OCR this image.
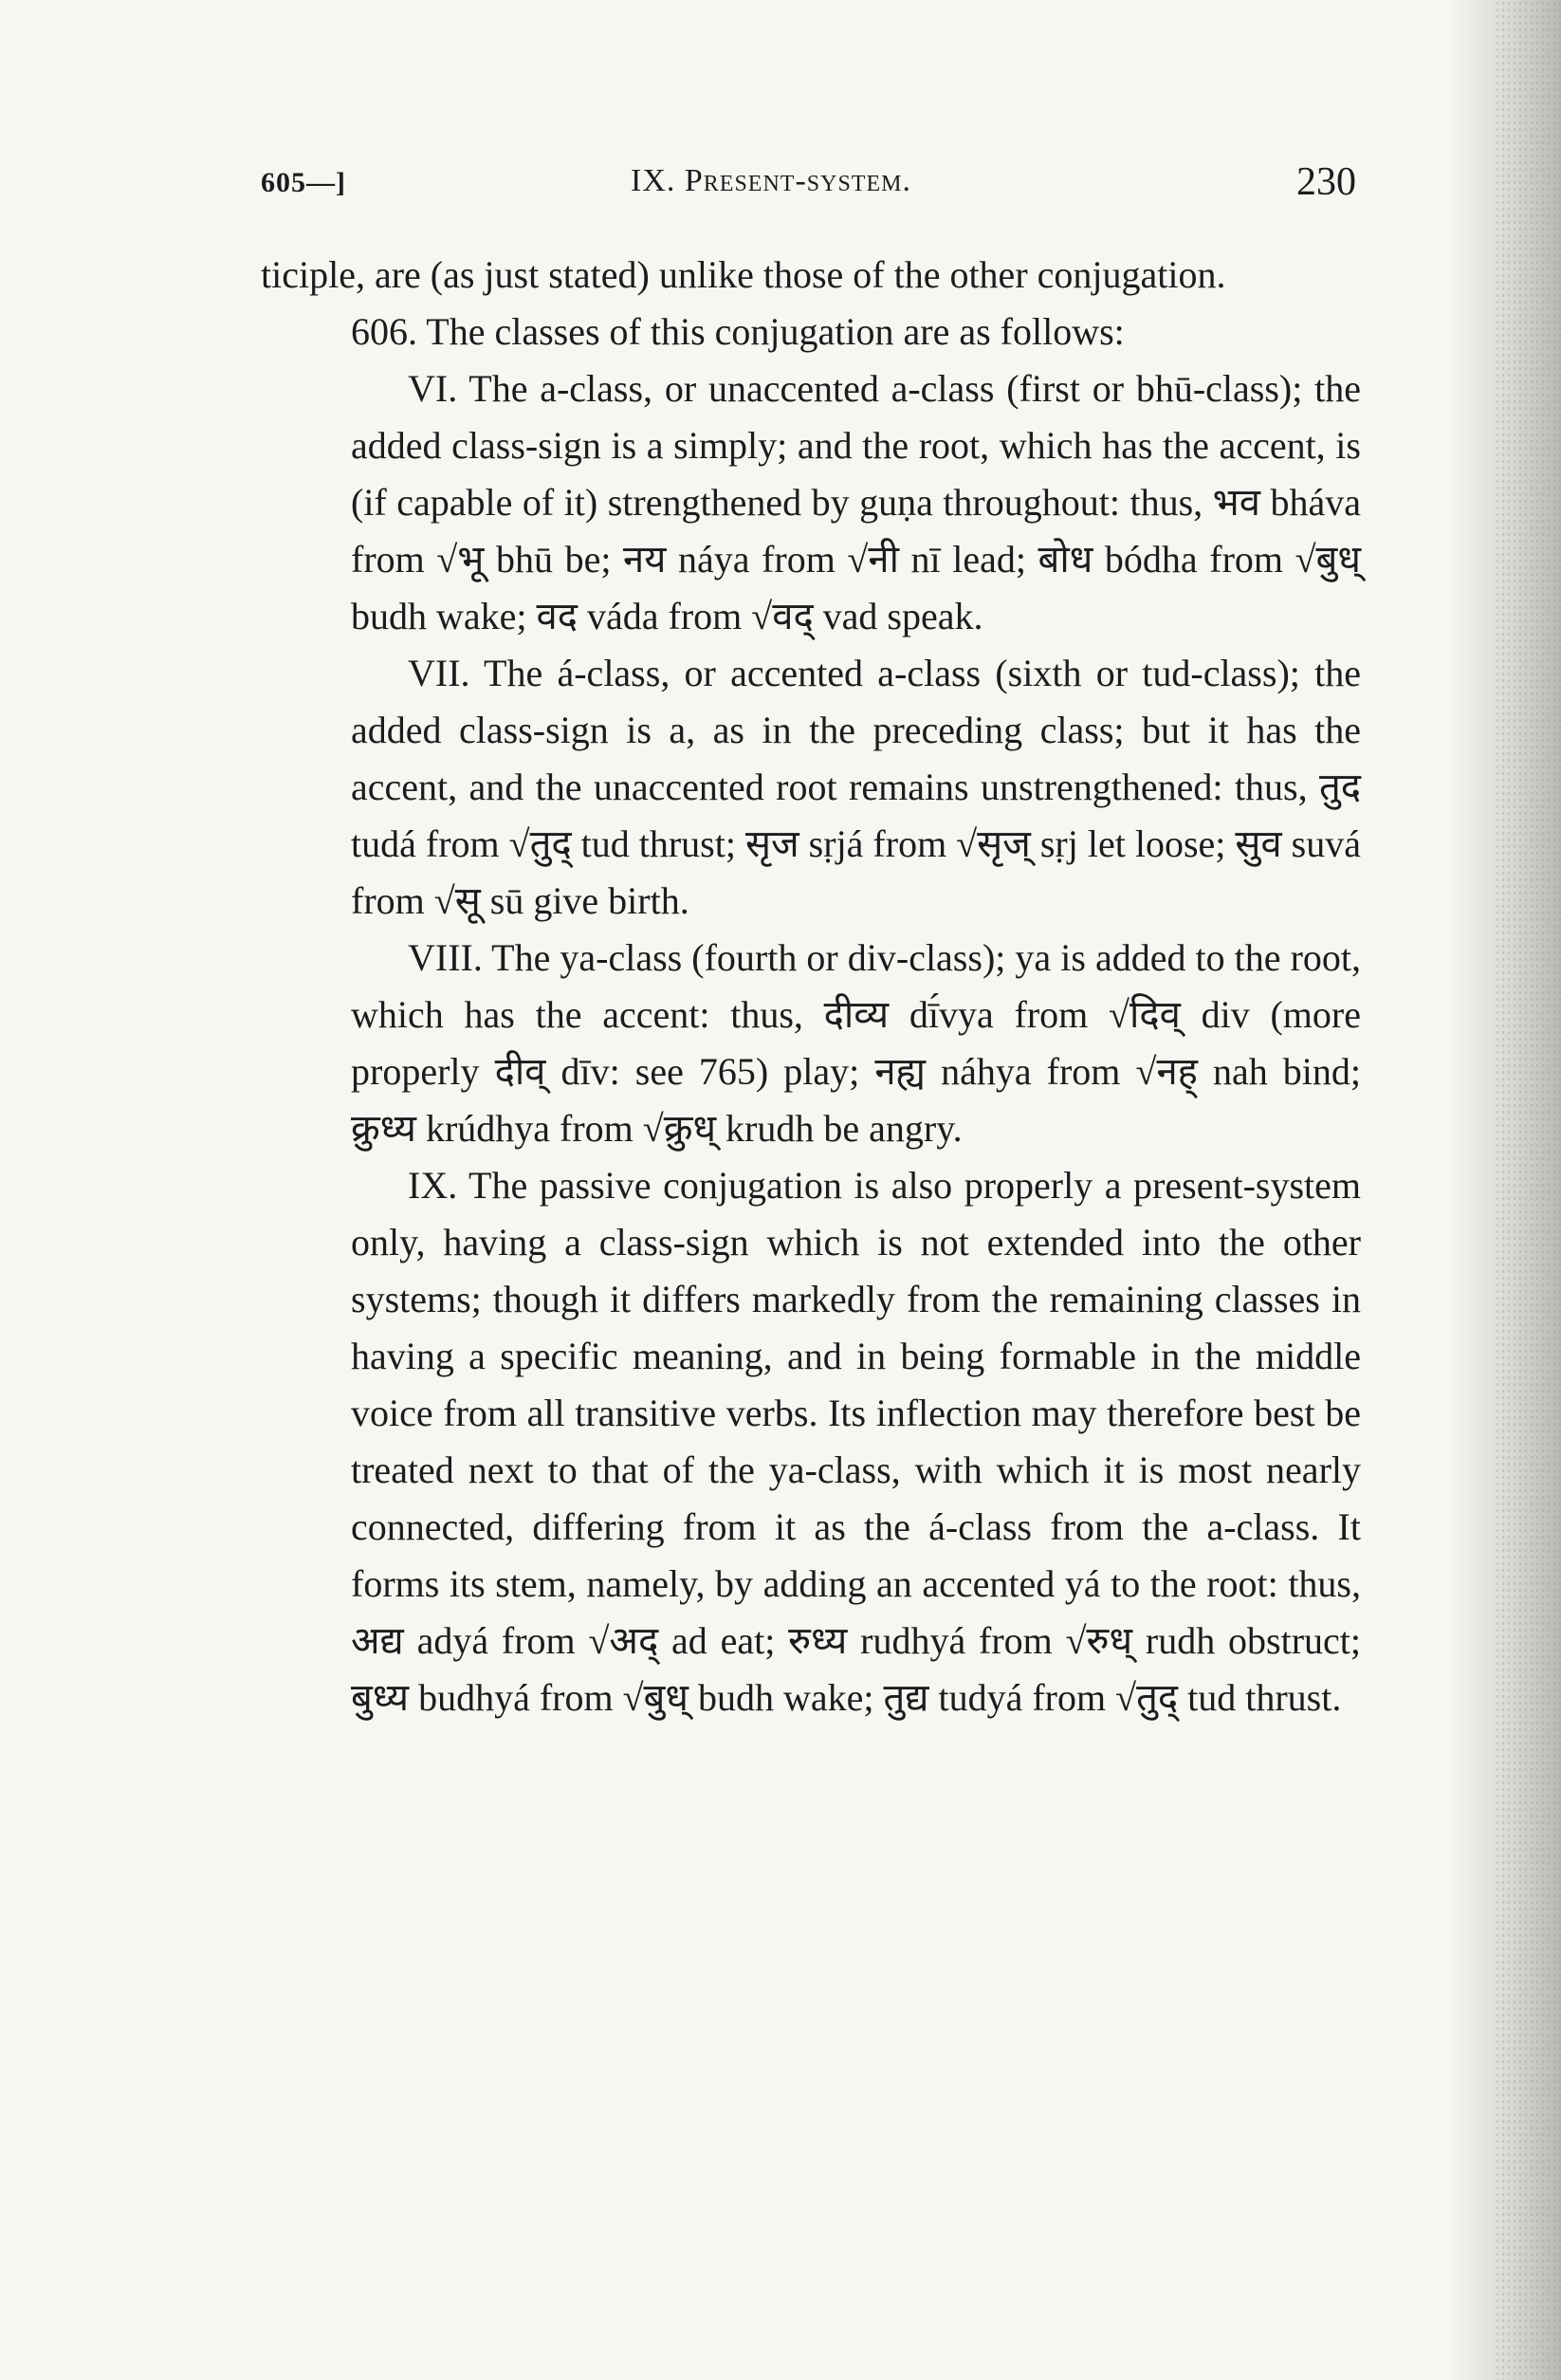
605—]	IX. Present-system.	230

ticiple, are (as just stated) unlike those of the other conjugation.

606. The classes of this conjugation are as follows:

VI. The a-class, or unaccented a-class (first or bhū-class); the added class-sign is a simply; and the root, which has the accent, is (if capable of it) strengthened by guṇa throughout: thus, भव bháva from √भू bhū be; नय náya from √नी nī lead; बोध bódha from √बुध् budh wake; वद váda from √वद् vad speak.

VII. The á-class, or accented a-class (sixth or tud-class); the added class-sign is a, as in the preceding class; but it has the accent, and the unaccented root remains unstrengthened: thus, तुद tudá from √तुद् tud thrust; सृज sṛjá from √सृज् sṛj let loose; सुव suvá from √सू sū give birth.

VIII. The ya-class (fourth or div-class); ya is added to the root, which has the accent: thus, दीव्य dī́vya from √दिव् div (more properly दीव् dīv: see 765) play; नह्य náhya from √नह् nah bind; क्रुध्य krúdhya from √क्रुध् krudh be angry.

IX. The passive conjugation is also properly a present-system only, having a class-sign which is not extended into the other systems; though it differs markedly from the remaining classes in having a specific meaning, and in being formable in the middle voice from all transitive verbs. Its inflection may therefore best be treated next to that of the ya-class, with which it is most nearly connected, differing from it as the á-class from the a-class. It forms its stem, namely, by adding an accented yá to the root: thus, अद्य adyá from √अद् ad eat; रुध्य rudhyá from √रुध् rudh obstruct; बुध्य budhyá from √बुध् budh wake; तुद्य tudyá from √तुद् tud thrust.
